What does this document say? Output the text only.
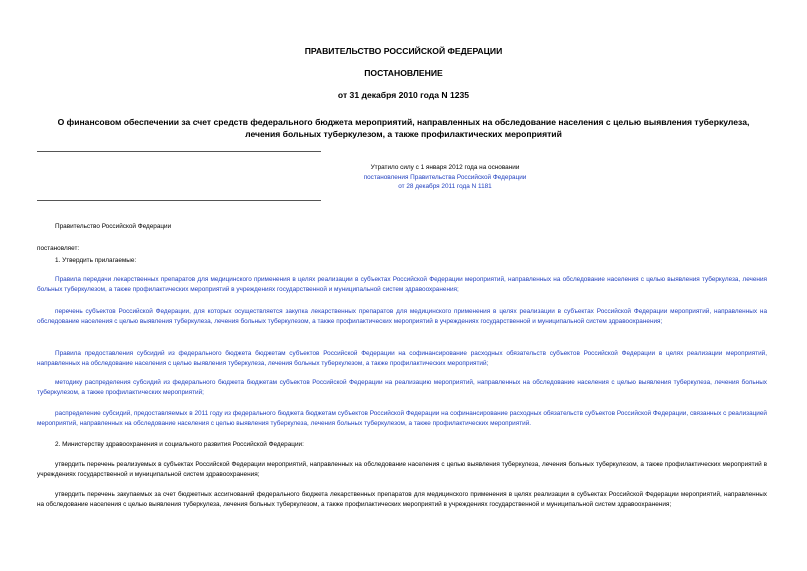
ПРАВИТЕЛЬСТВО РОССИЙСКОЙ ФЕДЕРАЦИИ
ПОСТАНОВЛЕНИЕ
от 31 декабря 2010 года N 1235
О финансовом обеспечении за счет средств федерального бюджета мероприятий, направленных на обследование населения с целью выявления туберкулеза,
лечения больных туберкулезом, а также профилактических мероприятий
Утратило силу с 1 января 2012 года на основании
постановления Правительства Российской Федерации
от 28 декабря 2011 года N 1181
Правительство Российской Федерации
постановляет:
1. Утвердить прилагаемые:
Правила передачи лекарственных препаратов для медицинского применения в целях реализации в субъектах Российской Федерации мероприятий, направленных на обследование населения с целью выявления туберкулеза, лечения больных туберкулезом, а также профилактических мероприятий в учреждениях государственной и муниципальной систем здравоохранения;
перечень субъектов Российской Федерации, для которых осуществляется закупка лекарственных препаратов для медицинского применения в целях реализации в субъектах Российской Федерации мероприятий, направленных на обследование населения с целью выявления туберкулеза, лечения больных туберкулезом, а также профилактических мероприятий в учреждениях государственной и муниципальной систем здравоохранения;
Правила предоставления субсидий из федерального бюджета бюджетам субъектов Российской Федерации на софинансирование расходных обязательств субъектов Российской Федерации в целях реализации мероприятий, направленных на обследование населения с целью выявления туберкулеза, лечения больных туберкулезом, а также профилактических мероприятий;
методику распределения субсидий из федерального бюджета бюджетам субъектов Российской Федерации на реализацию мероприятий, направленных на обследование населения с целью выявления туберкулеза, лечения больных туберкулезом, а также профилактических мероприятий;
распределение субсидий, предоставляемых в 2011 году из федерального бюджета бюджетам субъектов Российской Федерации на софинансирование расходных обязательств субъектов Российской Федерации, связанных с реализацией мероприятий, направленных на обследование населения с целью выявления туберкулеза, лечения больных туберкулезом, а также профилактических мероприятий.
2. Министерству здравоохранения и социального развития Российской Федерации:
утвердить перечень реализуемых в субъектах Российской Федерации мероприятий, направленных на обследование населения с целью выявления туберкулеза, лечения больных туберкулезом, а также профилактических мероприятий в учреждениях государственной и муниципальной систем здравоохранения;
утвердить перечень закупаемых за счет бюджетных ассигнований федерального бюджета лекарственных препаратов для медицинского применения в целях реализации в субъектах Российской Федерации мероприятий, направленных на обследование населения с целью выявления туберкулеза, лечения больных туберкулезом, а также профилактических мероприятий в учреждениях государственной и муниципальной систем здравоохранения;
